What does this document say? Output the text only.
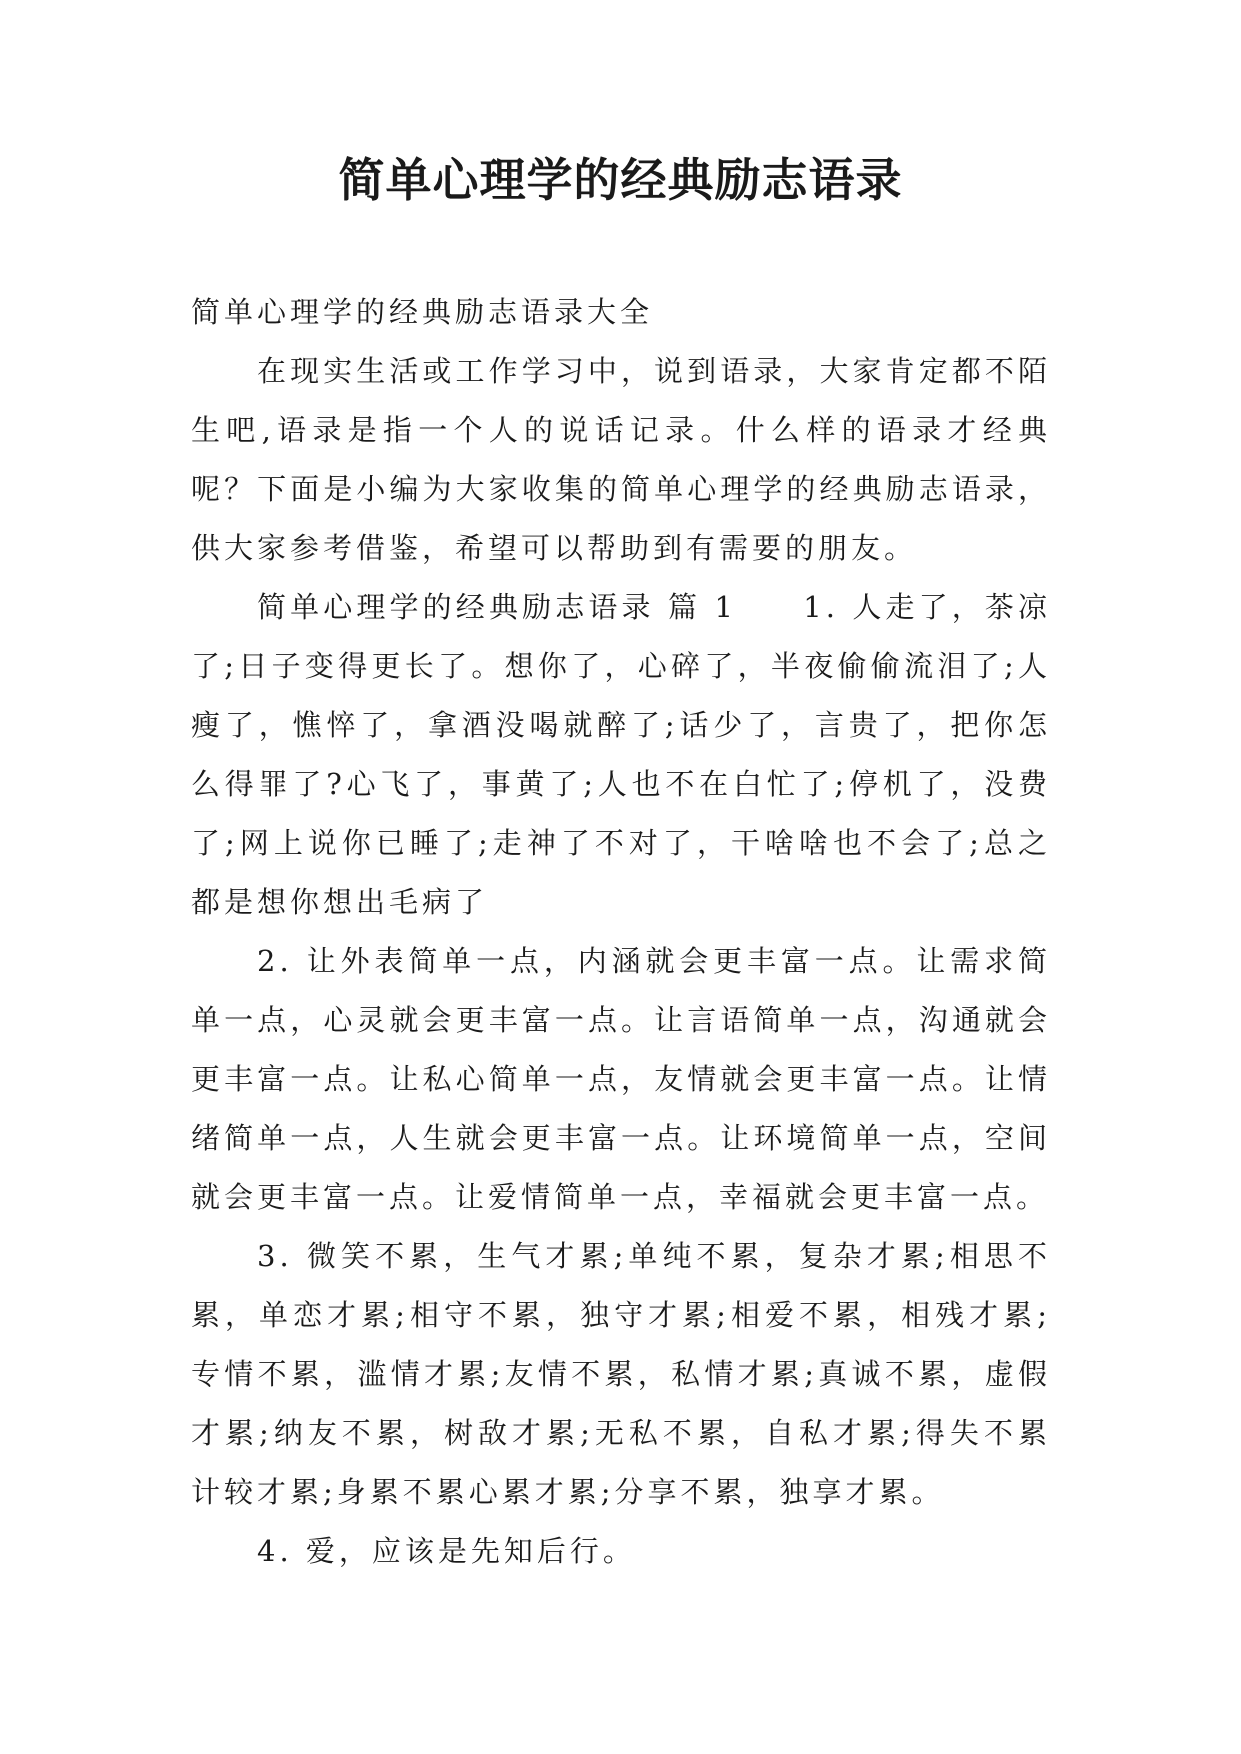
简单心理学的经典励志语录

简单心理学的经典励志语录大全

在现实生活或工作学习中，说到语录，大家肯定都不陌生吧,语录是指一个人的说话记录。什么样的语录才经典呢？下面是小编为大家收集的简单心理学的经典励志语录，供大家参考借鉴，希望可以帮助到有需要的朋友。

简单心理学的经典励志语录 篇 1　　1. 人走了，茶凉了;日子变得更长了。想你了，心碎了，半夜偷偷流泪了;人瘦了，憔悴了，拿酒没喝就醉了;话少了，言贵了，把你怎么得罪了?心飞了，事黄了;人也不在白忙了;停机了，没费了;网上说你已睡了;走神了不对了，干啥啥也不会了;总之都是想你想出毛病了

2. 让外表简单一点，内涵就会更丰富一点。让需求简单一点，心灵就会更丰富一点。让言语简单一点，沟通就会更丰富一点。让私心简单一点，友情就会更丰富一点。让情绪简单一点，人生就会更丰富一点。让环境简单一点，空间就会更丰富一点。让爱情简单一点，幸福就会更丰富一点。

3. 微笑不累，生气才累;单纯不累，复杂才累;相思不累，单恋才累;相守不累，独守才累;相爱不累，相残才累;专情不累，滥情才累;友情不累，私情才累;真诚不累，虚假才累;纳友不累，树敌才累;无私不累，自私才累;得失不累计较才累;身累不累心累才累;分享不累，独享才累。

4. 爱，应该是先知后行。
